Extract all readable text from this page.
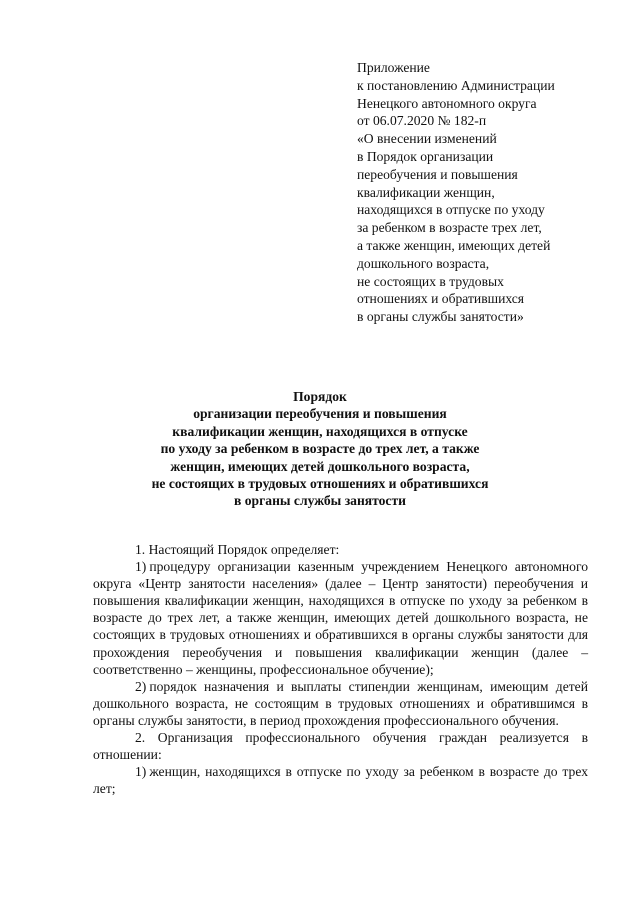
Приложение
к постановлению Администрации
Ненецкого автономного округа
от 06.07.2020 № 182-п
«О внесении изменений
в Порядок организации
переобучения и повышения
квалификации женщин,
находящихся в отпуске по уходу
за ребенком в возрасте трех лет,
а также женщин, имеющих детей
дошкольного возраста,
не состоящих в трудовых
отношениях и обратившихся
в органы службы занятости»
Порядок
организации переобучения и повышения
квалификации женщин, находящихся в отпуске
по уходу за ребенком в возрасте до трех лет, а также
женщин, имеющих детей дошкольного возраста,
не состоящих в трудовых отношениях и обратившихся
в органы службы занятости
1. Настоящий Порядок определяет:
1) процедуру организации казенным учреждением Ненецкого автономного округа «Центр занятости населения» (далее – Центр занятости) переобучения и повышения квалификации женщин, находящихся в отпуске по уходу за ребенком в возрасте до трех лет, а также женщин, имеющих детей дошкольного возраста, не состоящих в трудовых отношениях и обратившихся в органы службы занятости для прохождения переобучения и повышения квалификации женщин (далее – соответственно – женщины, профессиональное обучение);
2) порядок назначения и выплаты стипендии женщинам, имеющим детей дошкольного возраста, не состоящим в трудовых отношениях и обратившимся в органы службы занятости, в период прохождения профессионального обучения.
2. Организация профессионального обучения граждан реализуется в отношении:
1) женщин, находящихся в отпуске по уходу за ребенком в возрасте до трех лет;
